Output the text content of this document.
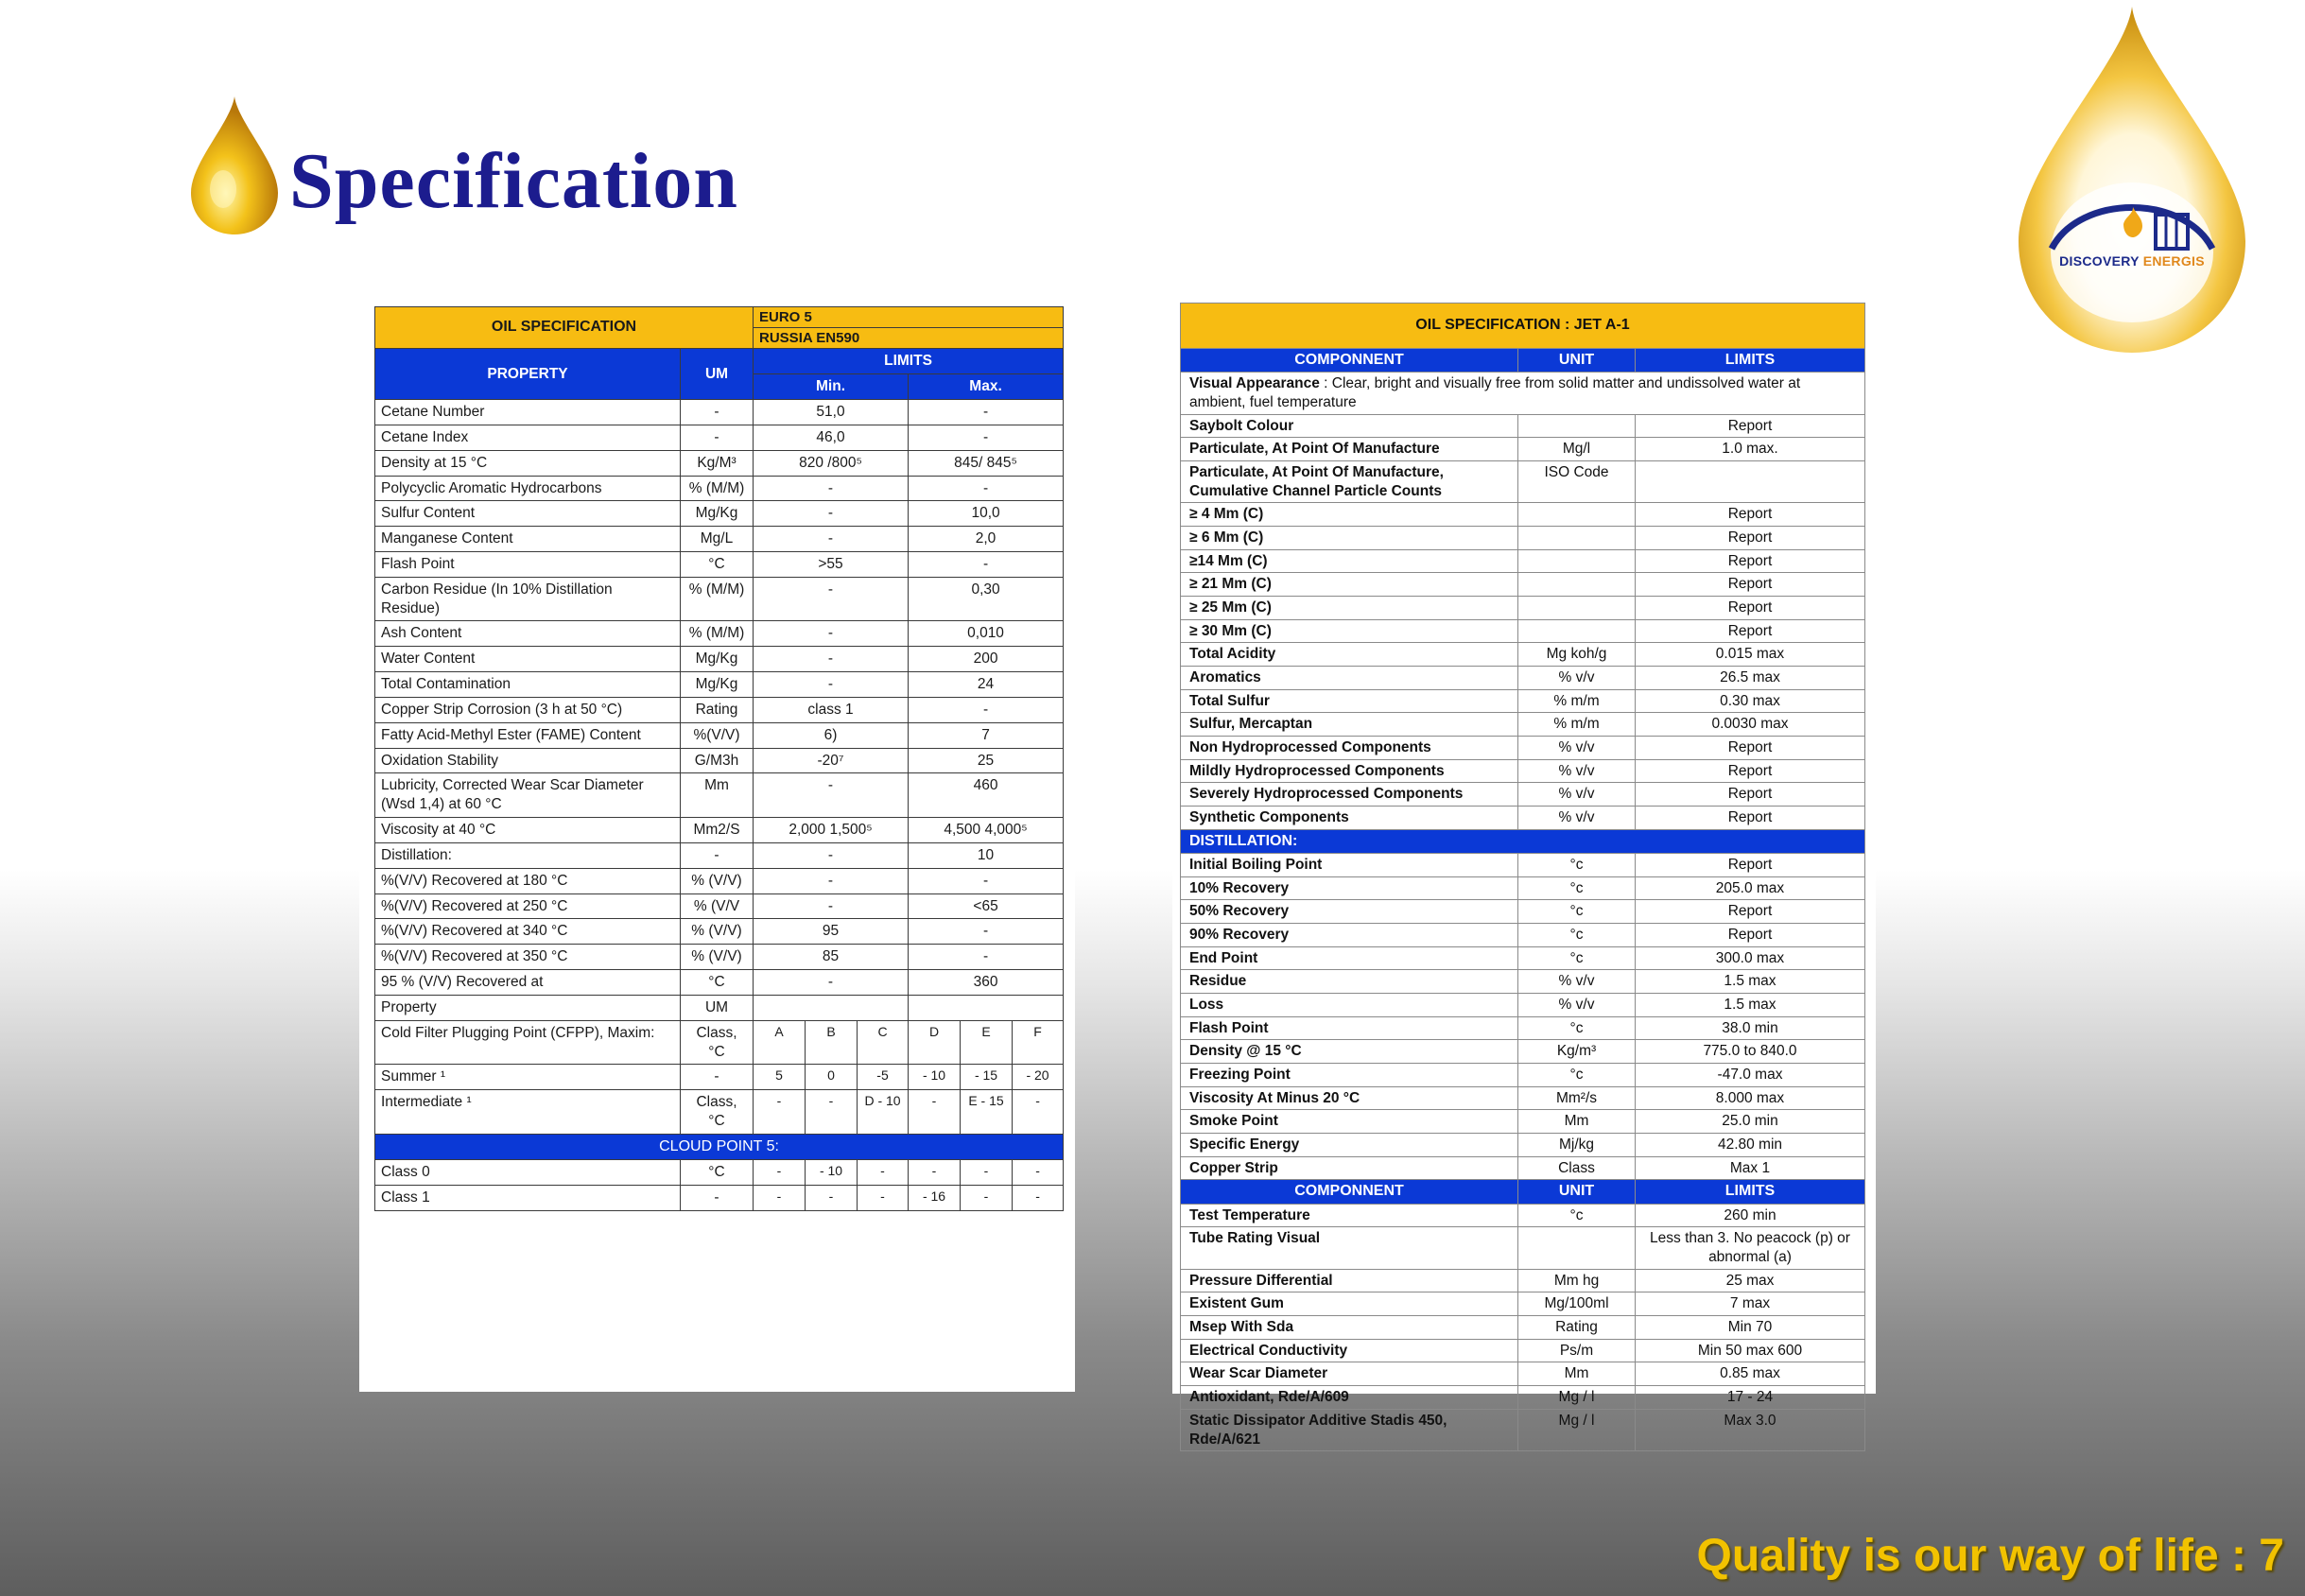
Specification
DISCOVERY ENERGIS
OIL SPECIFICATION		EURO 5					
		RUSSIA EN590					
PROPERTY	UM	LIMITS					
		Min.			Max.		
Cetane Number	-	51,0			-		
Cetane Index	-	46,0			-		
Density at 15 °C	Kg/M³	820 /800⁵			845/ 845⁵		
Polycyclic Aromatic Hydrocarbons	% (M/M)	-			-		
Sulfur Content	Mg/Kg	-			10,0		
Manganese Content	Mg/L	-			2,0		
Flash Point	°C	>55			-		
Carbon Residue (In 10% Distillation Residue)	% (M/M)	-			0,30		
Ash Content	% (M/M)	-			0,010		
Water Content	Mg/Kg	-			200		
Total Contamination	Mg/Kg	-			24		
Copper Strip Corrosion (3 h at 50 °C)	Rating	class 1			-		
Fatty Acid-Methyl Ester (FAME) Content	%(V/V)	6)			7		
Oxidation Stability	G/M3h	-20⁷			25		
Lubricity, Corrected Wear Scar Diameter (Wsd 1,4) at 60 °C	Mm	-			460		
Viscosity at 40 °C	Mm2/S	2,000 1,500⁵			4,500 4,000⁵		
Distillation:	-	-			10		
%(V/V) Recovered at 180 °C	% (V/V)	-			-		
%(V/V) Recovered at 250 °C	% (V/V	-			<65		
%(V/V) Recovered at 340 °C	% (V/V)	95			-		
%(V/V) Recovered at 350 °C	% (V/V)	85			-		
95 % (V/V) Recovered at	°C	-			360		
Property	UM						
Cold Filter Plugging Point (CFPP), Maxim:	Class, °C	A	B	C	D	E	F
Summer ¹	-	5	0	-5	- 10	- 15	- 20
Intermediate ¹	Class, °C	-	-	D - 10	-	E - 15	-
CLOUD POINT 5:							
Class 0	°C	-	- 10	-	-	-	-
Class 1	-	-	-	-	- 16	-	-
OIL SPECIFICATION : JET A-1		
COMPONNENT	UNIT	LIMITS
Visual Appearance : Clear, bright and visually free from solid matter and undissolved water at ambient, fuel temperature		
Saybolt Colour		Report
Particulate, At Point Of Manufacture	Mg/l	1.0 max.
Particulate, At Point Of Manufacture, Cumulative Channel Particle Counts	ISO Code	
≥ 4 Mm (C)		Report
≥ 6 Mm (C)		Report
≥14 Mm (C)		Report
≥ 21 Mm (C)		Report
≥ 25 Mm (C)		Report
≥ 30 Mm (C)		Report
Total Acidity	Mg koh/g	0.015 max
Aromatics	% v/v	26.5 max
Total Sulfur	% m/m	0.30 max
Sulfur, Mercaptan	% m/m	0.0030 max
Non Hydroprocessed Components	% v/v	Report
Mildly Hydroprocessed Components	% v/v	Report
Severely Hydroprocessed Components	% v/v	Report
Synthetic Components	% v/v	Report
DISTILLATION:		
Initial Boiling Point	°c	Report
10% Recovery	°c	205.0 max
50% Recovery	°c	Report
90% Recovery	°c	Report
End Point	°c	300.0 max
Residue	% v/v	1.5 max
Loss	% v/v	1.5 max
Flash Point	°c	38.0 min
Density @ 15 °C	Kg/m³	775.0 to 840.0
Freezing Point	°c	-47.0 max
Viscosity At Minus 20 °C	Mm²/s	8.000 max
Smoke Point	Mm	25.0 min
Specific Energy	Mj/kg	42.80 min
Copper Strip	Class	Max 1
COMPONNENT	UNIT	LIMITS
Test Temperature	°c	260 min
Tube Rating Visual		Less than 3. No peacock (p) or abnormal (a)
Pressure Differential	Mm hg	25 max
Existent Gum	Mg/100ml	7 max
Msep With Sda	Rating	Min 70
Electrical Conductivity	Ps/m	Min 50 max 600
Wear Scar Diameter	Mm	0.85 max
Antioxidant, Rde/A/609	Mg / l	17 - 24
Static Dissipator Additive Stadis 450, Rde/A/621	Mg / l	Max 3.0
Quality is our way of life : 7
